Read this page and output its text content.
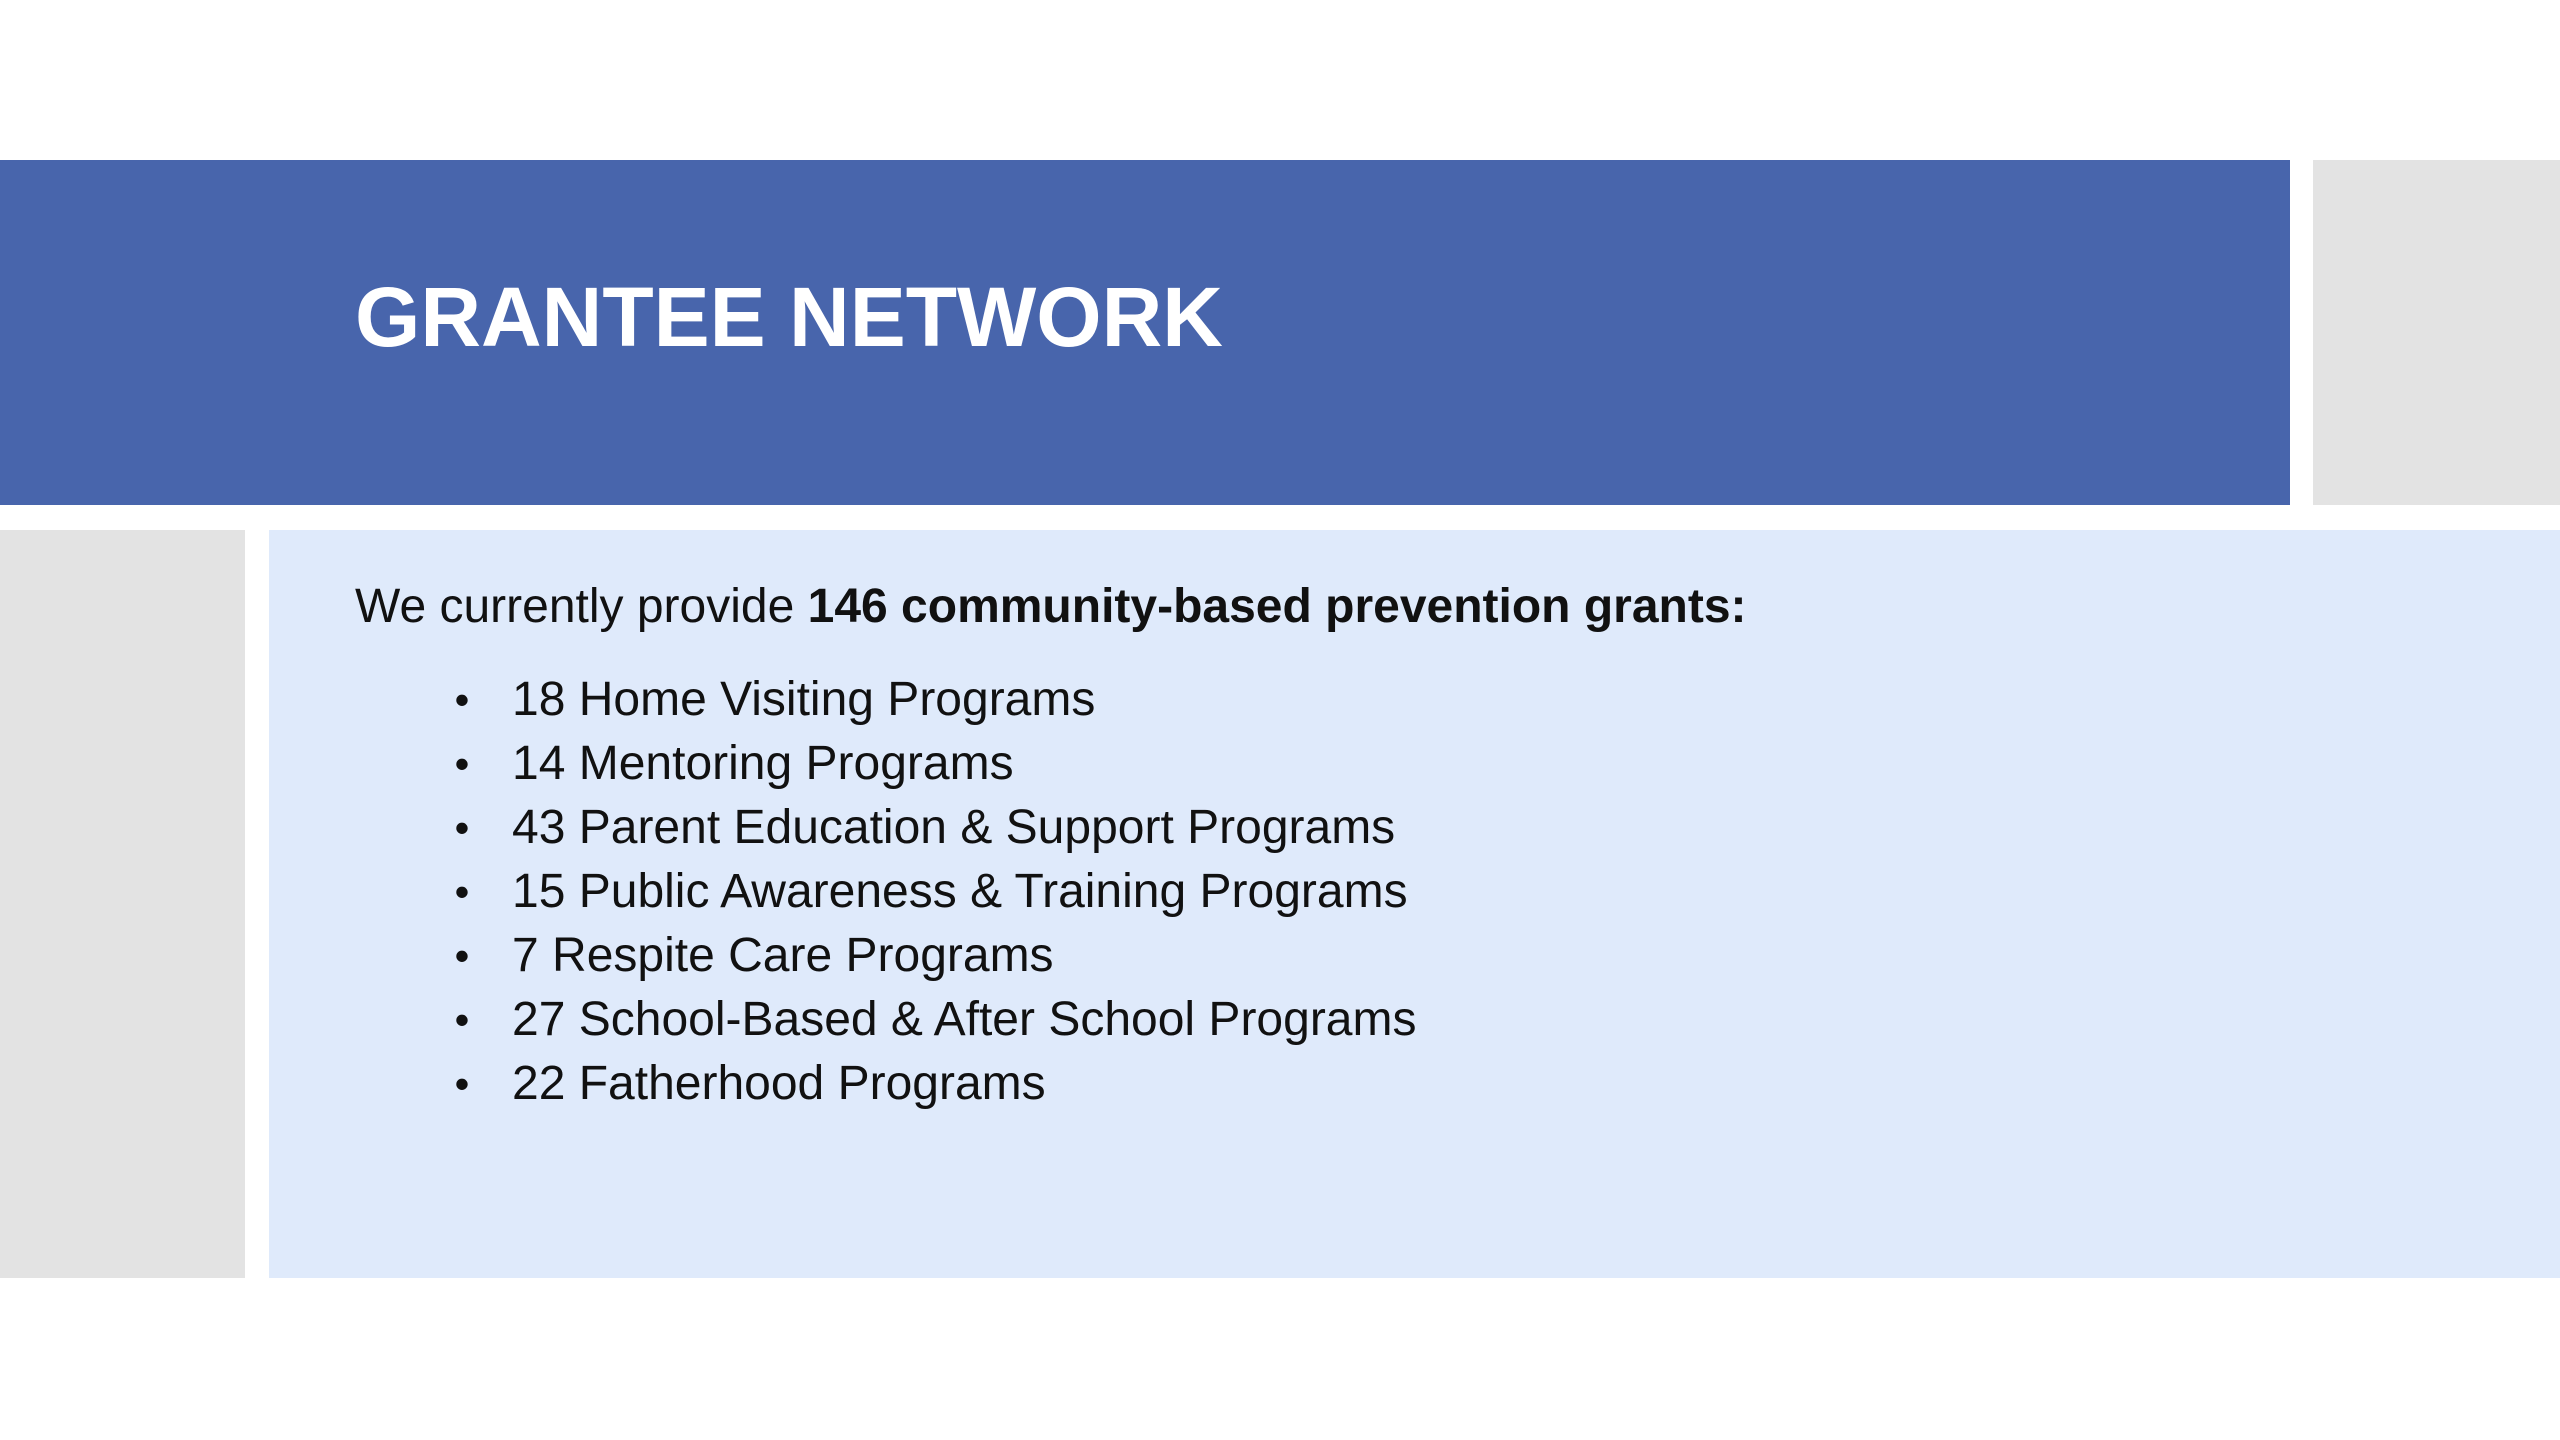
GRANTEE NETWORK

We currently provide 146 community-based prevention grants:

• 18 Home Visiting Programs
• 14 Mentoring Programs
• 43 Parent Education & Support Programs
• 15 Public Awareness & Training Programs
• 7 Respite Care Programs
• 27 School-Based & After School Programs
• 22 Fatherhood Programs
